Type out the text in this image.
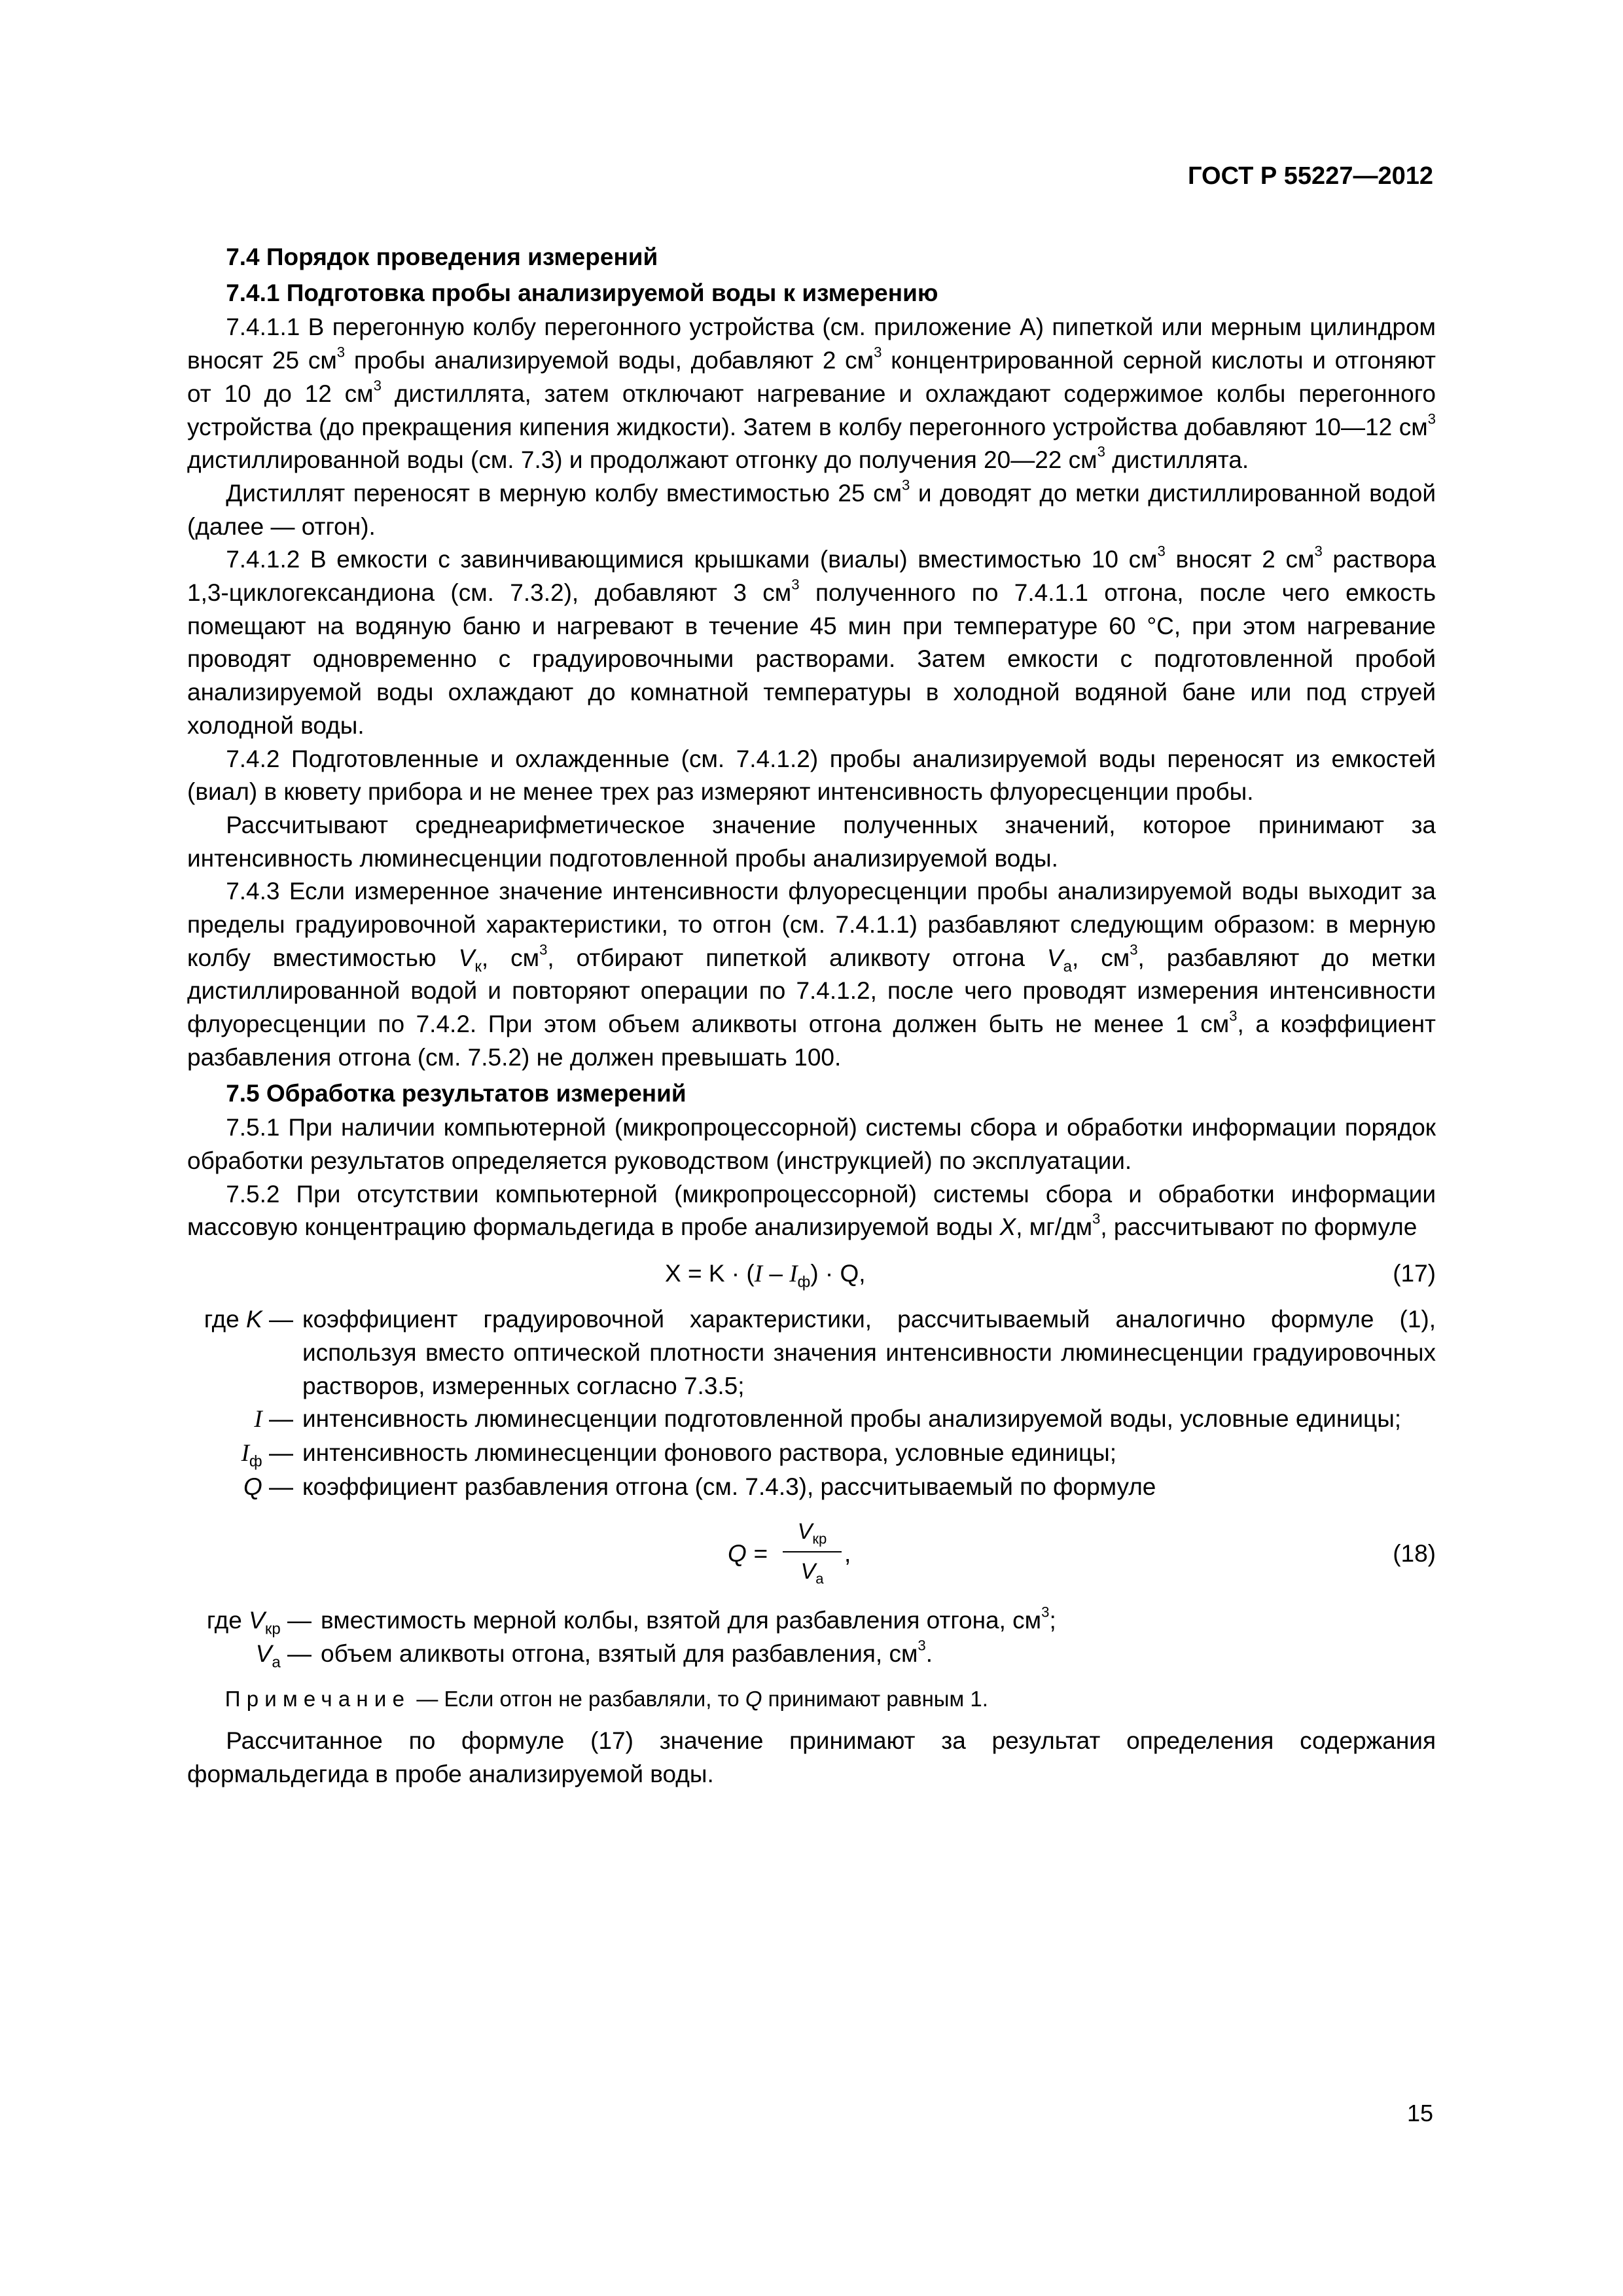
ГОСТ Р 55227—2012

7.4 Порядок проведения измерений

7.4.1 Подготовка пробы анализируемой воды к измерению

7.4.1.1 В перегонную колбу перегонного устройства (см. приложение А) пипеткой или мерным цилиндром вносят 25 $см^3$ пробы анализируемой воды, добавляют 2 $см^3$ концентрированной серной кислоты и отгоняют от 10 до 12 $см^3$ дистиллята, затем отключают нагревание и охлаждают содержимое колбы перегонного устройства (до прекращения кипения жидкости). Затем в колбу перегонного устройства добавляют 10—12 $см^3$ дистиллированной воды (см. 7.3) и продолжают отгонку до получения 20—22 $см^3$ дистиллята.

Дистиллят переносят в мерную колбу вместимостью 25 $см^3$ и доводят до метки дистиллированной водой (далее — отгон).

7.4.1.2 В емкости с завинчивающимися крышками (виалы) вместимостью 10 $см^3$ вносят 2 $см^3$ раствора 1,3-циклогександиона (см. 7.3.2), добавляют 3 $см^3$ полученного по 7.4.1.1 отгона, после чего емкость помещают на водяную баню и нагревают в течение 45 мин при температуре 60 °С, при этом нагревание проводят одновременно с градуировочными растворами. Затем емкости с подготовленной пробой анализируемой воды охлаждают до комнатной температуры в холодной водяной бане или под струей холодной воды.

7.4.2 Подготовленные и охлажденные (см. 7.4.1.2) пробы анализируемой воды переносят из емкостей (виал) в кювету прибора и не менее трех раз измеряют интенсивность флуоресценции пробы.

Рассчитывают среднеарифметическое значение полученных значений, которое принимают за интенсивность люминесценции подготовленной пробы анализируемой воды.

7.4.3 Если измеренное значение интенсивности флуоресценции пробы анализируемой воды выходит за пределы градуировочной характеристики, то отгон (см. 7.4.1.1) разбавляют следующим образом: в мерную колбу вместимостью $V_к$, $см^3$, отбирают пипеткой аликвоту отгона $V_а$, $см^3$, разбавляют до метки дистиллированной водой и повторяют операции по 7.4.1.2, после чего проводят измерения интенсивности флуоресценции по 7.4.2. При этом объем аликвоты отгона должен быть не менее 1 $см^3$, а коэффициент разбавления отгона (см. 7.5.2) не должен превышать 100.

7.5 Обработка результатов измерений

7.5.1 При наличии компьютерной (микропроцессорной) системы сбора и обработки информации порядок обработки результатов определяется руководством (инструкцией) по эксплуатации.

7.5.2 При отсутствии компьютерной (микропроцессорной) системы сбора и обработки информации массовую концентрацию формальдегида в пробе анализируемой воды X, $мг/дм^3$, рассчитывают по формуле

$X = K \cdot (I - I_ф) \cdot Q$,	(17)
где K — коэффициент градуировочной характеристики, рассчитываемый аналогично формуле (1), используя вместо оптической плотности значения интенсивности люминесценции градуировочных растворов, измеренных согласно 7.3.5;
I — интенсивность люминесценции подготовленной пробы анализируемой воды, условные единицы;
$I_ф$ — интенсивность люминесценции фонового раствора, условные единицы;
Q — коэффициент разбавления отгона (см. 7.4.3), рассчитываемый по формуле
Q =
$V_{кр}$
$V_а$
,	(18)
где $V_{кр}$ — вместимость мерной колбы, взятой для разбавления отгона, $см^3$;
$V_а$ — объем аликвоты отгона, взятый для разбавления, $см^3$.

Примечание — Если отгон не разбавляли, то Q принимают равным 1.

Рассчитанное по формуле (17) значение принимают за результат определения содержания формальдегида в пробе анализируемой воды.

15
